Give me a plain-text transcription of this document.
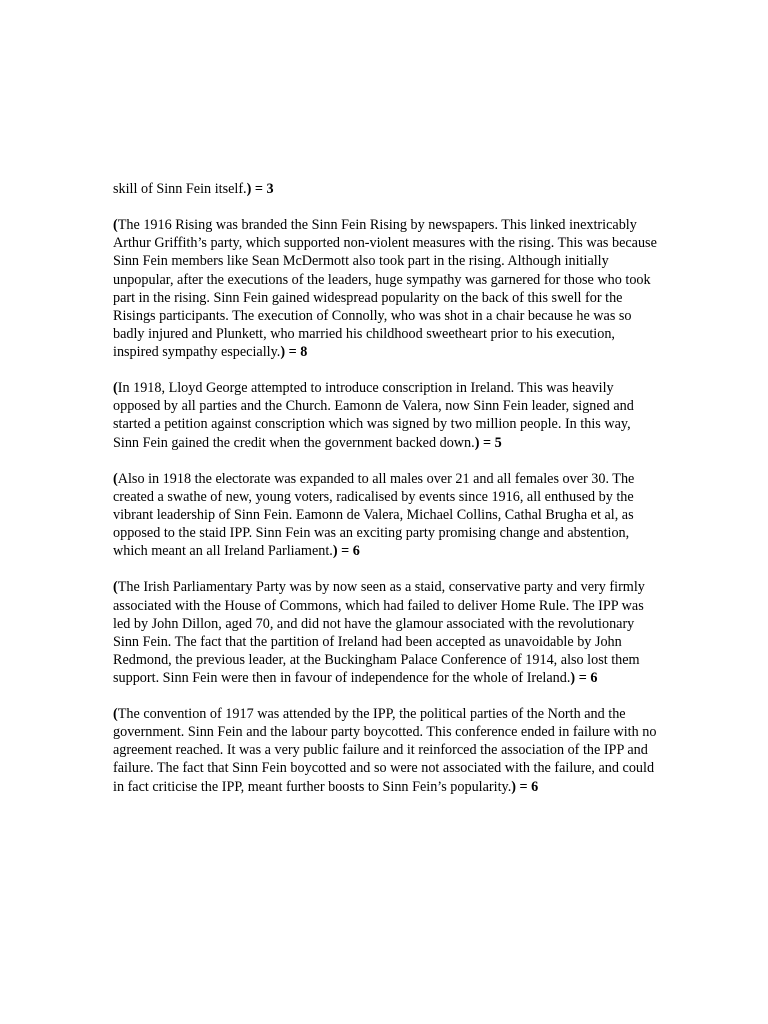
skill of Sinn Fein itself.) = 3

(The 1916 Rising was branded the Sinn Fein Rising by newspapers. This linked inextricably Arthur Griffith’s party, which supported non-violent measures with the rising. This was because Sinn Fein members like Sean McDermott also took part in the rising. Although initially unpopular, after the executions of the leaders, huge sympathy was garnered for those who took part in the rising. Sinn Fein gained widespread popularity on the back of this swell for the Risings participants. The execution of Connolly, who was shot in a chair because he was so badly injured and Plunkett, who married his childhood sweetheart prior to his execution, inspired sympathy especially.) = 8

(In 1918, Lloyd George attempted to introduce conscription in Ireland. This was heavily opposed by all parties and the Church. Eamonn de Valera, now Sinn Fein leader, signed and started a petition against conscription which was signed by two million people. In this way, Sinn Fein gained the credit when the government backed down.) = 5

(Also in 1918 the electorate was expanded to all males over 21 and all females over 30. The created a swathe of new, young voters, radicalised by events since 1916, all enthused by the vibrant leadership of Sinn Fein. Eamonn de Valera, Michael Collins, Cathal Brugha et al, as opposed to the staid IPP. Sinn Fein was an exciting party promising change and abstention, which meant an all Ireland Parliament.) = 6

(The Irish Parliamentary Party was by now seen as a staid, conservative party and very firmly associated with the House of Commons, which had failed to deliver Home Rule. The IPP was led by John Dillon, aged 70, and did not have the glamour associated with the revolutionary Sinn Fein. The fact that the partition of Ireland had been accepted as unavoidable by John Redmond, the previous leader, at the Buckingham Palace Conference of 1914, also lost them support. Sinn Fein were then in favour of independence for the whole of Ireland.) = 6

(The convention of 1917 was attended by the IPP, the political parties of the North and the government. Sinn Fein and the labour party boycotted. This conference ended in failure with no agreement reached. It was a very public failure and it reinforced the association of the IPP and failure. The fact that Sinn Fein boycotted and so were not associated with the failure, and could in fact criticise the IPP, meant further boosts to Sinn Fein’s popularity.) = 6
